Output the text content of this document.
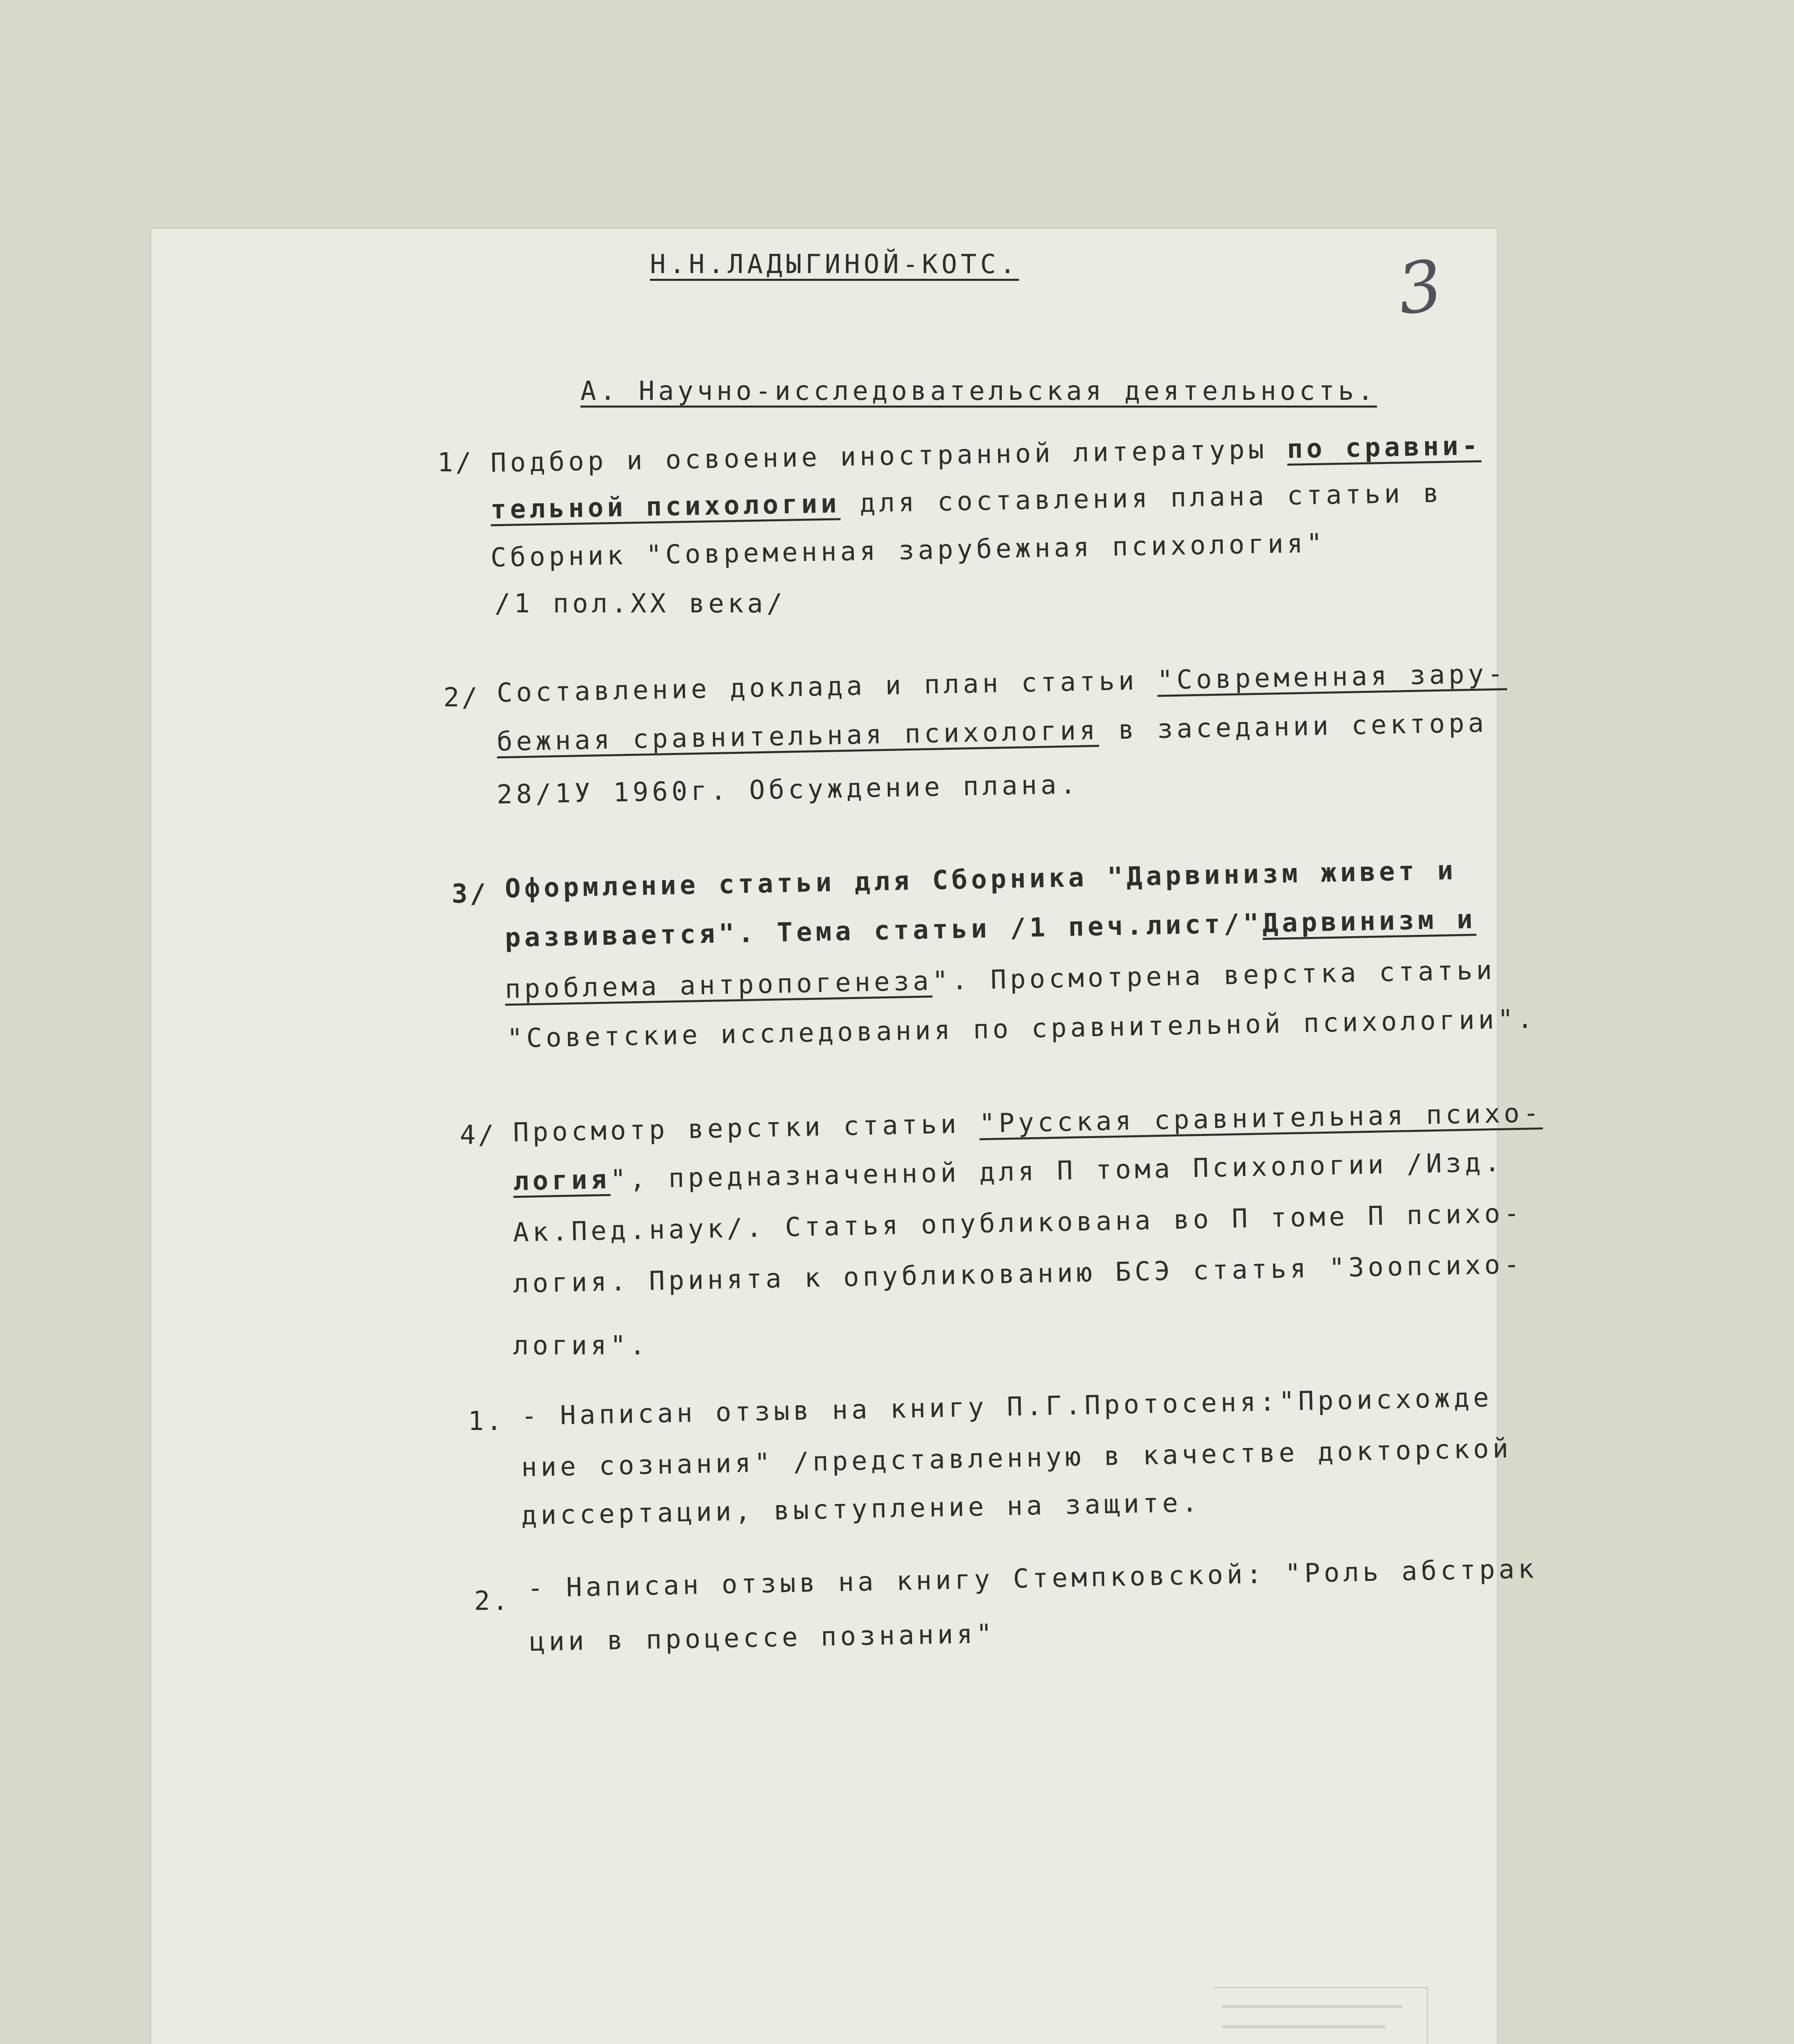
Н.Н.ЛАДЫГИНОЙ-КОТС.	3
А. Научно-исследовательская деятельность.
1/ Подбор и освоение иностранной литературы по сравни-
тельной психологии для составления плана статьи в
Сборник "Современная зарубежная психология"
/1 пол.XX века/
2/ Составление доклада и план статьи "Современная зару-
бежная сравнительная психология в заседании сектора
28/1У 1960г. Обсуждение плана.
3/ Оформление статьи для Сборника "Дарвинизм живет и
развивается". Тема статьи /1 печ.лист/"Дарвинизм и
проблема антропогенеза". Просмотрена верстка статьи
"Советские исследования по сравнительной психологии".
4/ Просмотр верстки статьи "Русская сравнительная психо-
логия", предназначенной для П тома Психологии /Изд.
Ак.Пед.наук/. Статья опубликована во П томе П психо-
логия. Принята к опубликованию БСЭ статья "Зоопсихо-
логия".
1. - Написан отзыв на книгу П.Г.Протосеня:"Происхожде
ние сознания" /представленную в качестве докторской
диссертации, выступление на защите.
2. - Написан отзыв на книгу Стемпковской: "Роль абстрак
ции в процессе познания"
